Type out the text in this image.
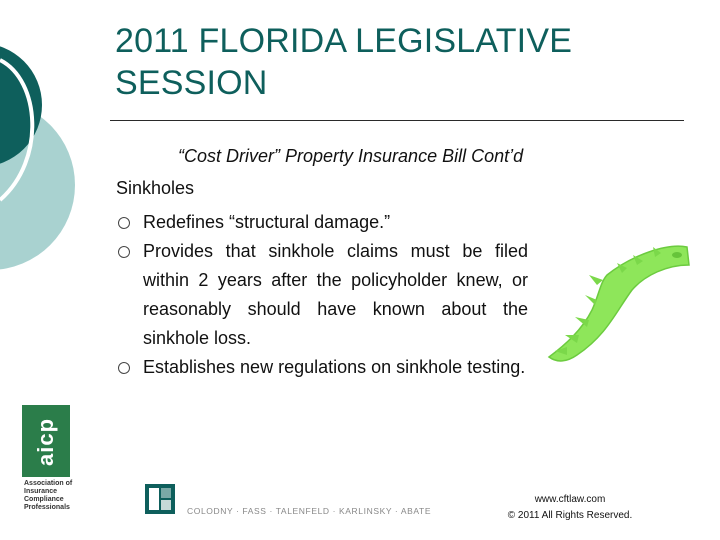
2011 FLORIDA LEGISLATIVE
SESSION
“Cost Driver” Property Insurance Bill Cont’d
Sinkholes
Redefines “structural damage.”
Provides that sinkhole claims must be filed within 2 years after the policyholder knew, or reasonably should have known about the sinkhole loss.
Establishes new regulations on sinkhole testing.
aicp
Association of Insurance Compliance Professionals	COLODNY · FASS · TALENFELD · KARLINSKY · ABATE
www.cftlaw.com
© 2011 All Rights Reserved.
